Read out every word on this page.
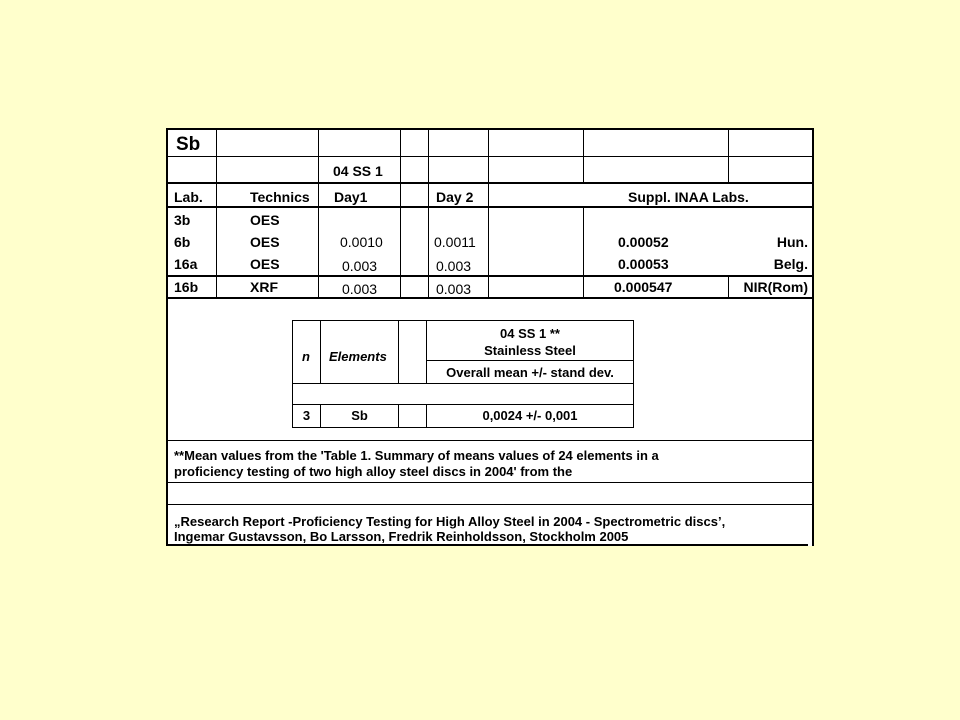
Sb
04 SS 1
Lab.	Technics Day1	Day 2	Suppl. INAA Labs.
3b	OES
6b	OES	0.0010	0.0011	0.00052	Hun.
16a	OES	0.003	0.003	0.00053	Belg.
16b	XRF	0.003	0.003	0.000547	NIR(Rom)
n Elements
04 SS 1 **
Stainless Steel
Overall mean +/- stand dev.
3	Sb	0,0024 +/- 0,001
**Mean values from the 'Table 1. Summary of means values of 24 elements in a
proficiency testing of two high alloy steel discs in 2004' from the
„Research Report -Proficiency Testing for High Alloy Steel in 2004 - Spectrometric discs’,
Ingemar Gustavsson, Bo Larsson, Fredrik Reinholdsson, Stockholm 2005
